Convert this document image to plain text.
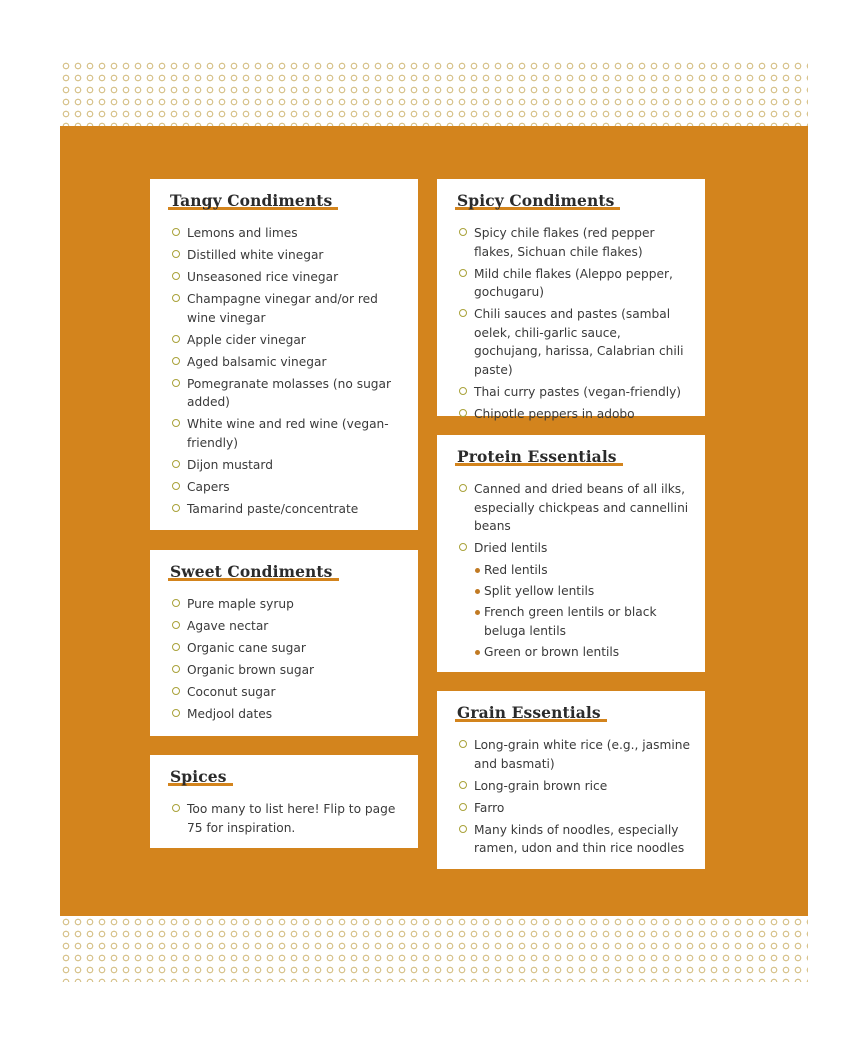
Tangy Condiments
Lemons and limes
Distilled white vinegar
Unseasoned rice vinegar
Champagne vinegar and/or red wine vinegar
Apple cider vinegar
Aged balsamic vinegar
Pomegranate molasses (no sugar added)
White wine and red wine (vegan-friendly)
Dijon mustard
Capers
Tamarind paste/concentrate
Sweet Condiments
Pure maple syrup
Agave nectar
Organic cane sugar
Organic brown sugar
Coconut sugar
Medjool dates
Spices
Too many to list here! Flip to page 75 for inspiration.
Spicy Condiments
Spicy chile flakes (red pepper flakes, Sichuan chile flakes)
Mild chile flakes (Aleppo pepper, gochugaru)
Chili sauces and pastes (sambal oelek, chili-garlic sauce, gochujang, harissa, Calabrian chili paste)
Thai curry pastes (vegan-friendly)
Chipotle peppers in adobo
Protein Essentials
Canned and dried beans of all ilks, especially chickpeas and cannellini beans
Dried lentils
Red lentils
Split yellow lentils
French green lentils or black beluga lentils
Green or brown lentils
Grain Essentials
Long-grain white rice (e.g., jasmine and basmati)
Long-grain brown rice
Farro
Many kinds of noodles, especially ramen, udon and thin rice noodles
